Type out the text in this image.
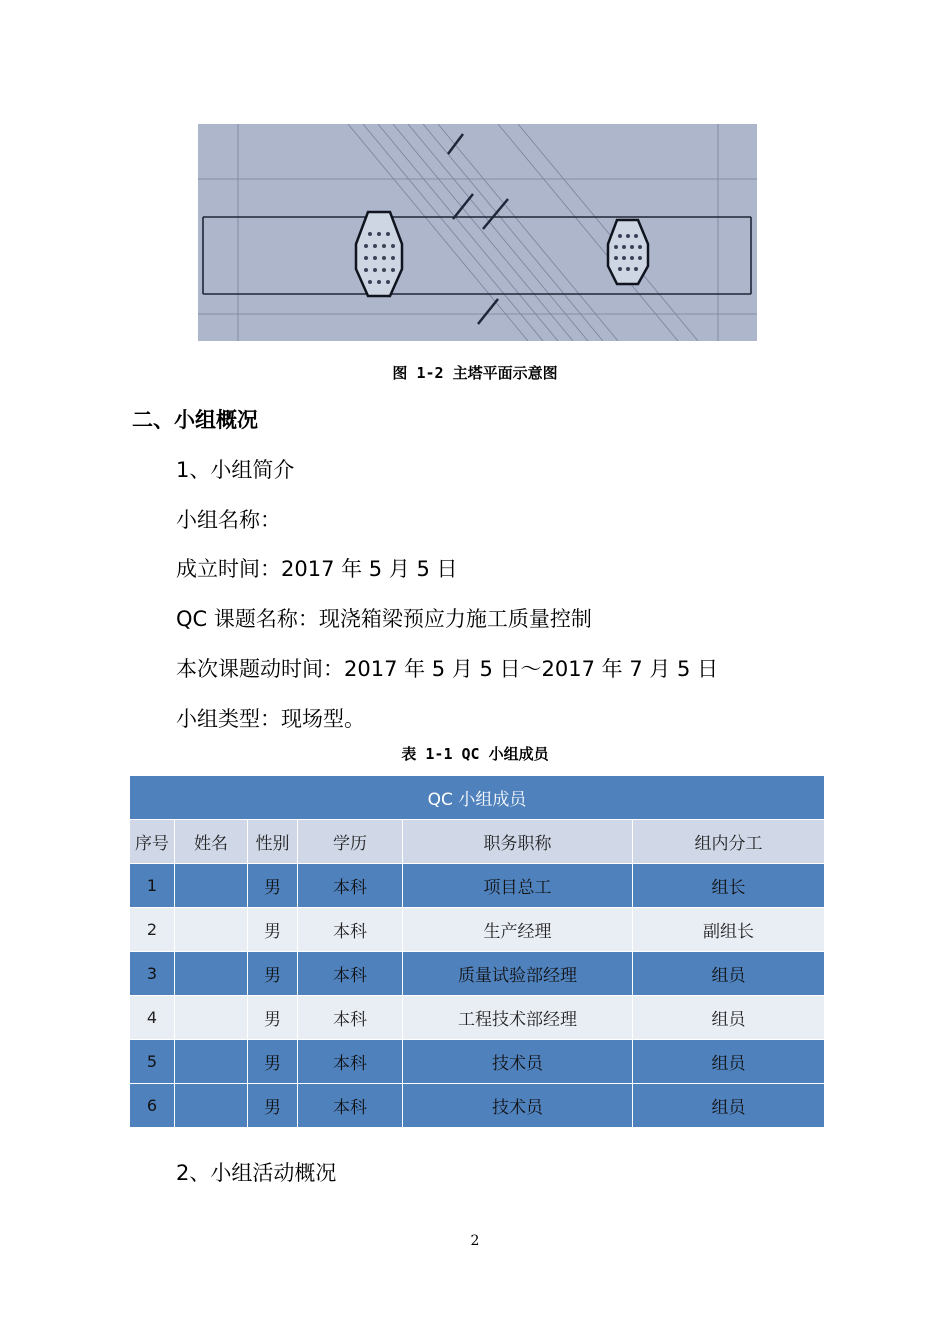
图 1-2 主塔平面示意图
二、小组概况
1、小组简介
小组名称：
成立时间：2017 年 5 月 5 日
QC 课题名称：现浇箱梁预应力施工质量控制
本次课题动时间：2017 年 5 月 5 日～2017 年 7 月 5 日
小组类型：现场型。
表 1-1 QC 小组成员
QC 小组成员					
序号	姓名	性别	学历	职务职称	组内分工
1		男	本科	项目总工	组长
2		男	本科	生产经理	副组长
3		男	本科	质量试验部经理	组员
4		男	本科	工程技术部经理	组员
5		男	本科	技术员	组员
6		男	本科	技术员	组员
2、小组活动概况
2
